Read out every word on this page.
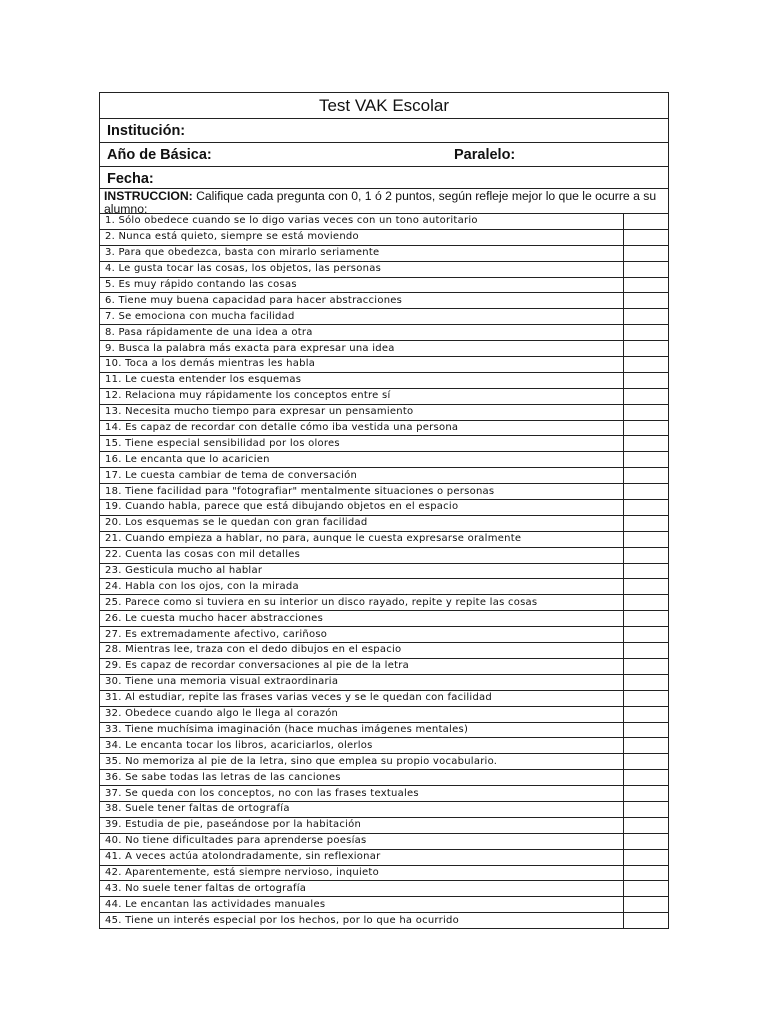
Test VAK Escolar
Institución:
Año de Básica:	Paralelo:
Fecha:
INSTRUCCION: Califique cada pregunta con 0, 1 ó 2 puntos, según refleje mejor lo que le ocurre a su alumno:
1. Sólo obedece cuando se lo digo varias veces con un tono autoritario	
2. Nunca está quieto, siempre se está moviendo	
3. Para que obedezca, basta con mirarlo seriamente	
4. Le gusta tocar las cosas, los objetos, las personas	
5. Es muy rápido contando las cosas	
6. Tiene muy buena capacidad para hacer abstracciones	
7. Se emociona con mucha facilidad	
8. Pasa rápidamente de una idea a otra	
9. Busca la palabra más exacta para expresar una idea	
10. Toca a los demás mientras les habla	
11. Le cuesta entender los esquemas	
12. Relaciona muy rápidamente los conceptos entre sí	
13. Necesita mucho tiempo para expresar un pensamiento	
14. Es capaz de recordar con detalle cómo iba vestida una persona	
15. Tiene especial sensibilidad por los olores	
16. Le encanta que lo acaricien	
17. Le cuesta cambiar de tema de conversación	
18. Tiene facilidad para "fotografiar" mentalmente situaciones o personas	
19. Cuando habla, parece que está dibujando objetos en el espacio	
20. Los esquemas se le quedan con gran facilidad	
21. Cuando empieza a hablar, no para, aunque le cuesta expresarse oralmente	
22. Cuenta las cosas con mil detalles	
23. Gesticula mucho al hablar	
24. Habla con los ojos, con la mirada	
25. Parece como si tuviera en su interior un disco rayado, repite y repite las cosas	
26. Le cuesta mucho hacer abstracciones	
27. Es extremadamente afectivo, cariñoso	
28. Mientras lee, traza con el dedo dibujos en el espacio	
29. Es capaz de recordar conversaciones al pie de la letra	
30. Tiene una memoria visual extraordinaria	
31. Al estudiar, repite las frases varias veces y se le quedan con facilidad	
32. Obedece cuando algo le llega al corazón	
33. Tiene muchísima imaginación (hace muchas imágenes mentales)	
34. Le encanta tocar los libros, acariciarlos, olerlos	
35. No memoriza al pie de la letra, sino que emplea su propio vocabulario.	
36. Se sabe todas las letras de las canciones	
37. Se queda con los conceptos, no con las frases textuales	
38. Suele tener faltas de ortografía	
39. Estudia de pie, paseándose por la habitación	
40. No tiene dificultades para aprenderse poesías	
41. A veces actúa atolondradamente, sin reflexionar	
42. Aparentemente, está siempre nervioso, inquieto	
43. No suele tener faltas de ortografía	
44. Le encantan las actividades manuales	
45. Tiene un interés especial por los hechos, por lo que ha ocurrido	
